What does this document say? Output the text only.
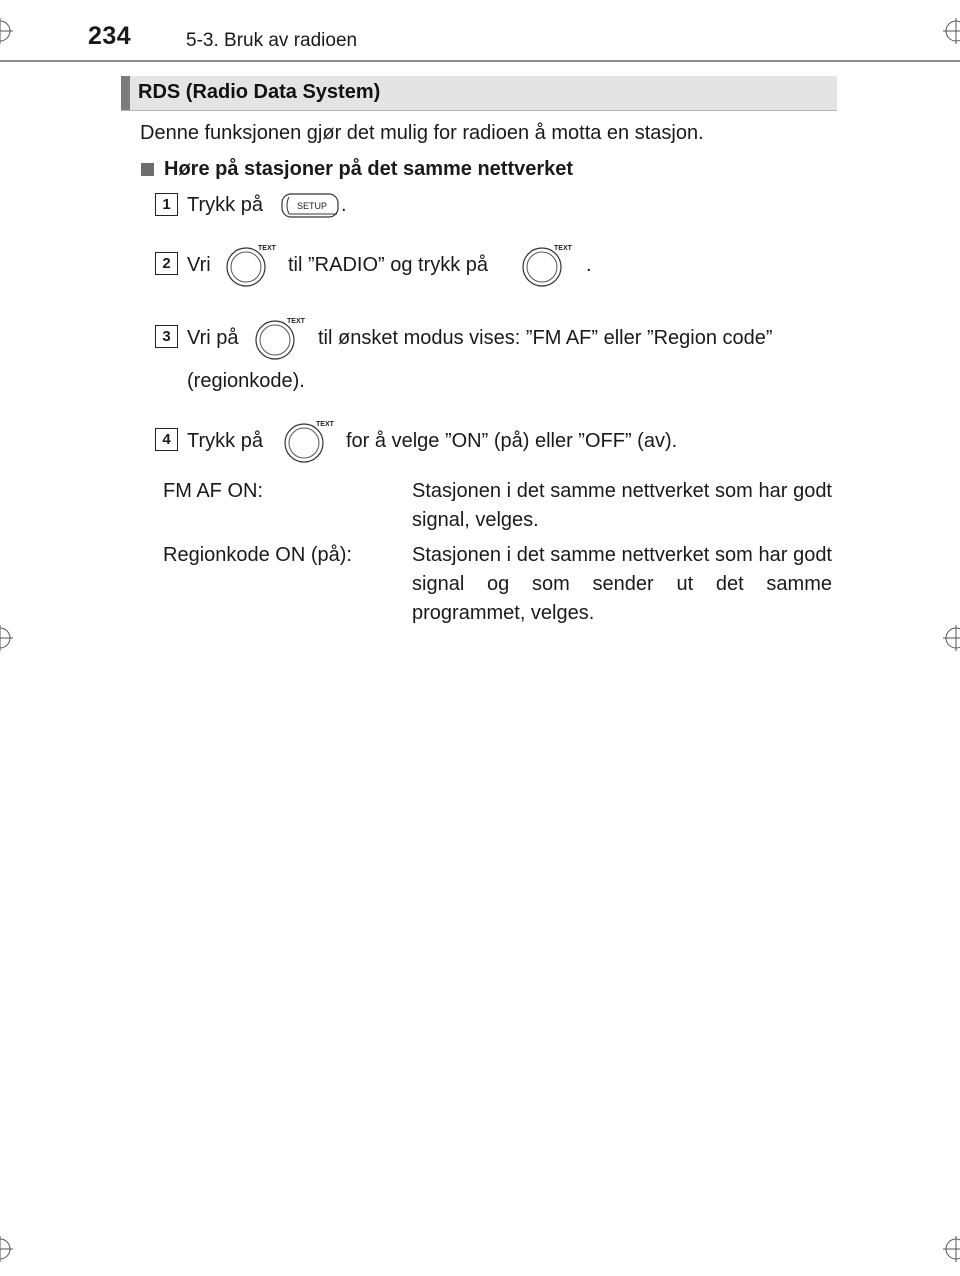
234	5-3. Bruk av radioen
RDS (Radio Data System)
Denne funksjonen gjør det mulig for radioen å motta en stasjon.
Høre på stasjoner på det samme nettverket
1 Trykk på	SETUP .
2 Vri
TEXT
til ”RADIO” og trykk på
TEXT
.
3 Vri på
TEXT
til ønsket modus vises: ”FM AF” eller ”Region code”
(regionkode).
4 Trykk på
TEXT
for å velge ”ON” (på) eller ”OFF” (av).
FM AF ON:	Stasjonen i det samme nettverket som har godt signal, velges.
Regionkode ON (på):	Stasjonen i det samme nettverket som har godt signal og som sender ut det samme programmet, velges.
